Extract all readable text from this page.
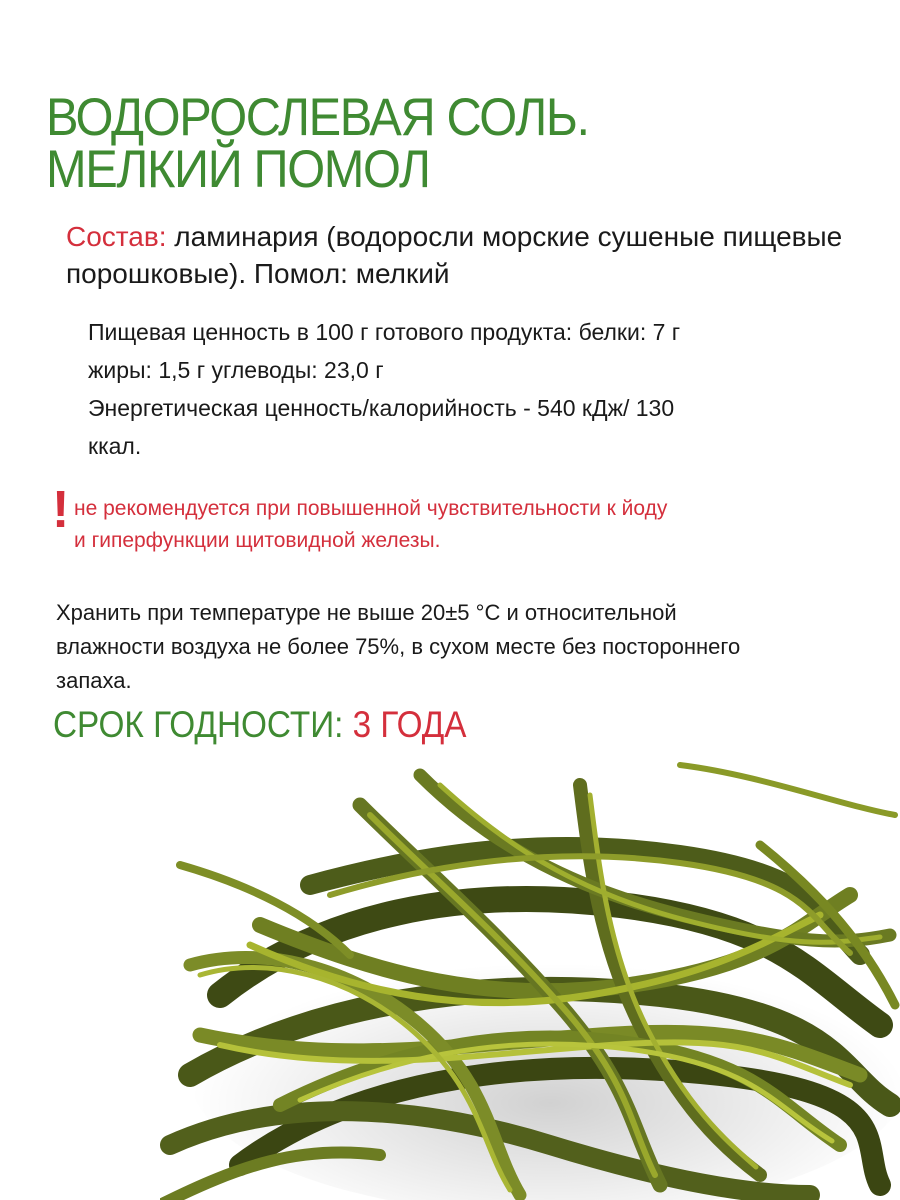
ВОДОРОСЛЕВАЯ СОЛЬ.
МЕЛКИЙ ПОМОЛ
Состав: ламинария (водоросли морские сушеные пищевые порошковые). Помол: мелкий
Пищевая ценность в 100 г готового продукта: белки: 7 г
жиры: 1,5 г углеводы: 23,0 г
Энергетическая ценность/калорийность - 540 кДж/ 130
ккал.
! не рекомендуется при повышенной чувствительности к йоду
и гиперфункции щитовидной железы.
Хранить при температуре не выше 20±5 °С и относительной
влажности воздуха не более 75%, в сухом месте без постороннего
запаха.
СРОК ГОДНОСТИ: 3 ГОДА
